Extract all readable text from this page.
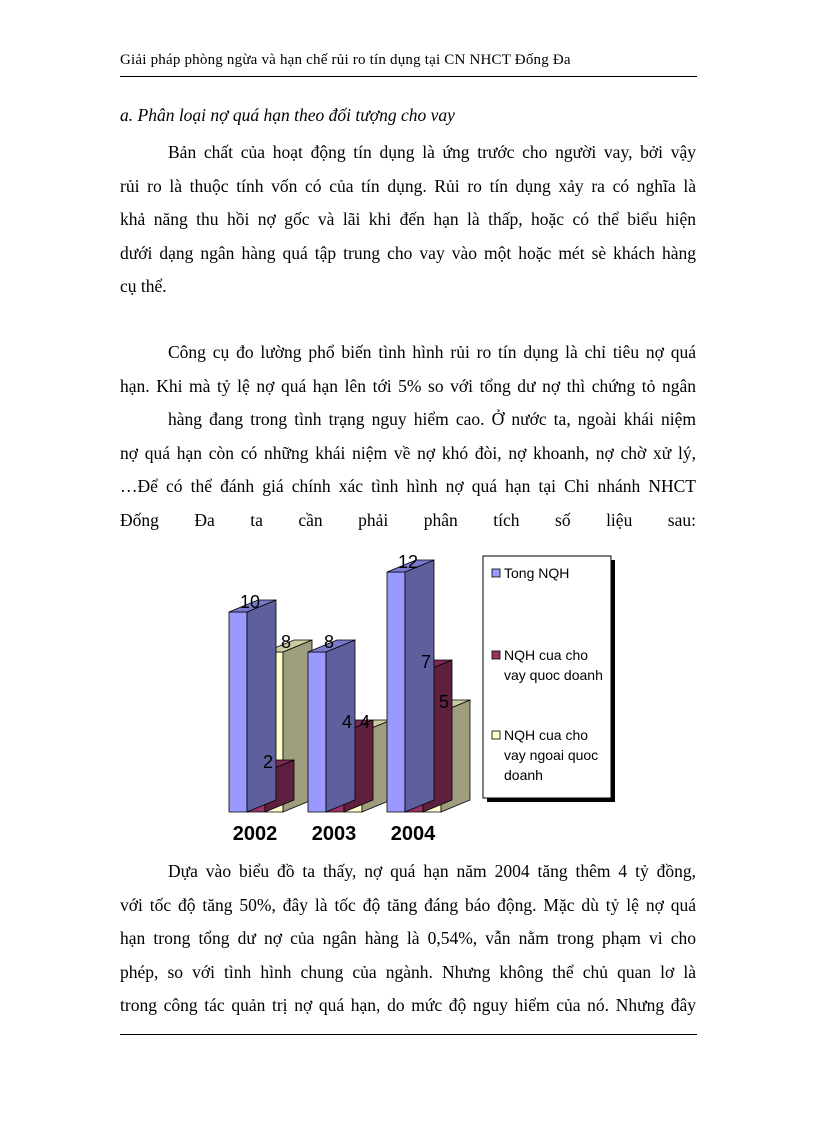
Giải pháp phòng ngừa và hạn chế rủi ro tín dụng tại CN NHCT Đống Đa
a. Phân loại nợ quá hạn theo đối tượng cho vay
Bản chất của hoạt động tín dụng là ứng trước cho người vay, bởi vậy
rủi ro là thuộc tính vốn có của tín dụng. Rủi ro tín dụng xảy ra có nghĩa là
khả năng thu hồi nợ gốc và lãi khi đến hạn là thấp, hoặc có thể biểu hiện
dưới dạng ngân hàng quá tập trung cho vay vào một hoặc mét sè khách hàng
cụ thể.
Công cụ đo lường phổ biến tình hình rủi ro tín dụng là chỉ tiêu nợ quá
hạn. Khi mà tỷ lệ nợ quá hạn lên tới 5% so với tổng dư nợ thì chứng tỏ ngân
hàng đang trong tình trạng nguy hiểm cao. Ở nước ta, ngoài khái niệm
nợ quá hạn còn có những khái niệm về nợ khó đòi, nợ khoanh, nợ chờ xử lý,
…Để có thể đánh giá chính xác tình hình nợ quá hạn tại Chi nhánh NHCT
Đống Đa ta cần phải phân tích số liệu sau:
8
2
10
4
4
8
5
7
12
2002 2003 2004
Tong NQH
NQH cua cho
vay quoc doanh
NQH cua cho
vay ngoai quoc
doanh
Dựa vào biểu đồ ta thấy, nợ quá hạn năm 2004 tăng thêm 4 tỷ đồng,
với tốc độ tăng 50%, đây là tốc độ tăng đáng báo động. Mặc dù tỷ lệ nợ quá
hạn trong tổng dư nợ của ngân hàng là 0,54%, vẫn nằm trong phạm vi cho
phép, so với tình hình chung của ngành. Nhưng không thể chủ quan lơ là
trong công tác quản trị nợ quá hạn, do mức độ nguy hiểm của nó. Nhưng đây
